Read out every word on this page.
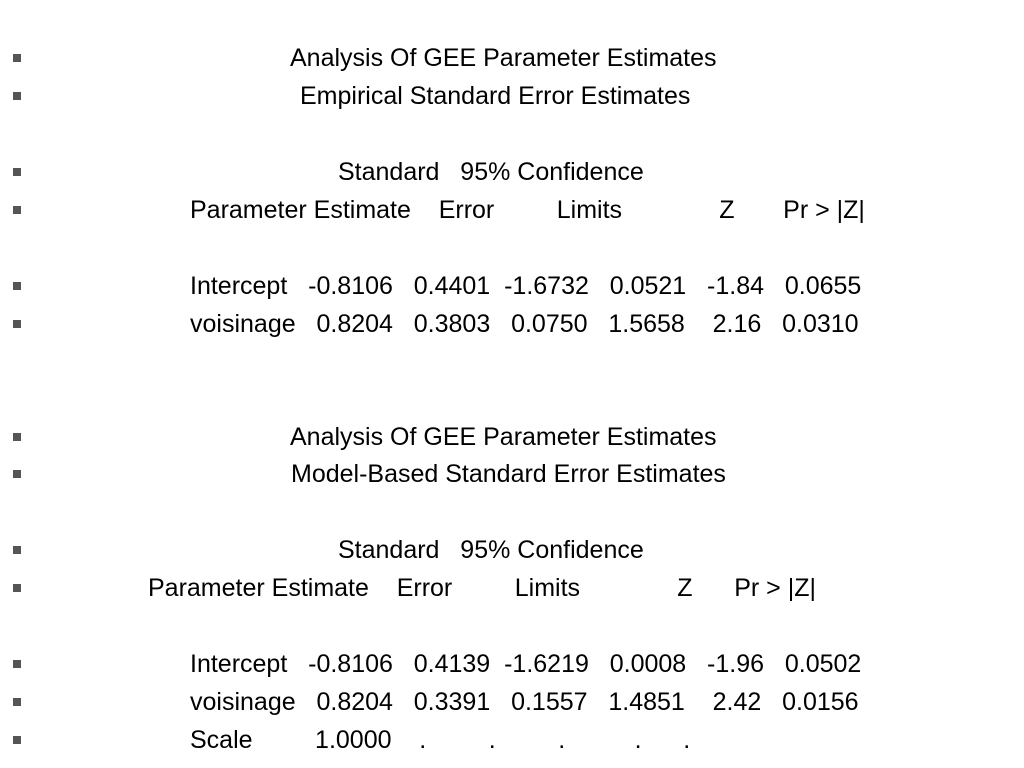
Analysis Of GEE Parameter Estimates
Empirical Standard Error Estimates
Standard   95% Confidence
Parameter Estimate    Error         Limits              Z       Pr > |Z|
Intercept   -0.8106   0.4401  -1.6732   0.0521   -1.84   0.0655
voisinage   0.8204   0.3803   0.0750   1.5658    2.16   0.0310
Analysis Of GEE Parameter Estimates
Model-Based Standard Error Estimates
Standard   95% Confidence
Parameter Estimate    Error         Limits              Z      Pr > |Z|
Intercept   -0.8106   0.4139  -1.6219   0.0008   -1.96   0.0502
voisinage   0.8204   0.3391   0.1557   1.4851    2.42   0.0156
Scale         1.0000    .         .         .          .      .
